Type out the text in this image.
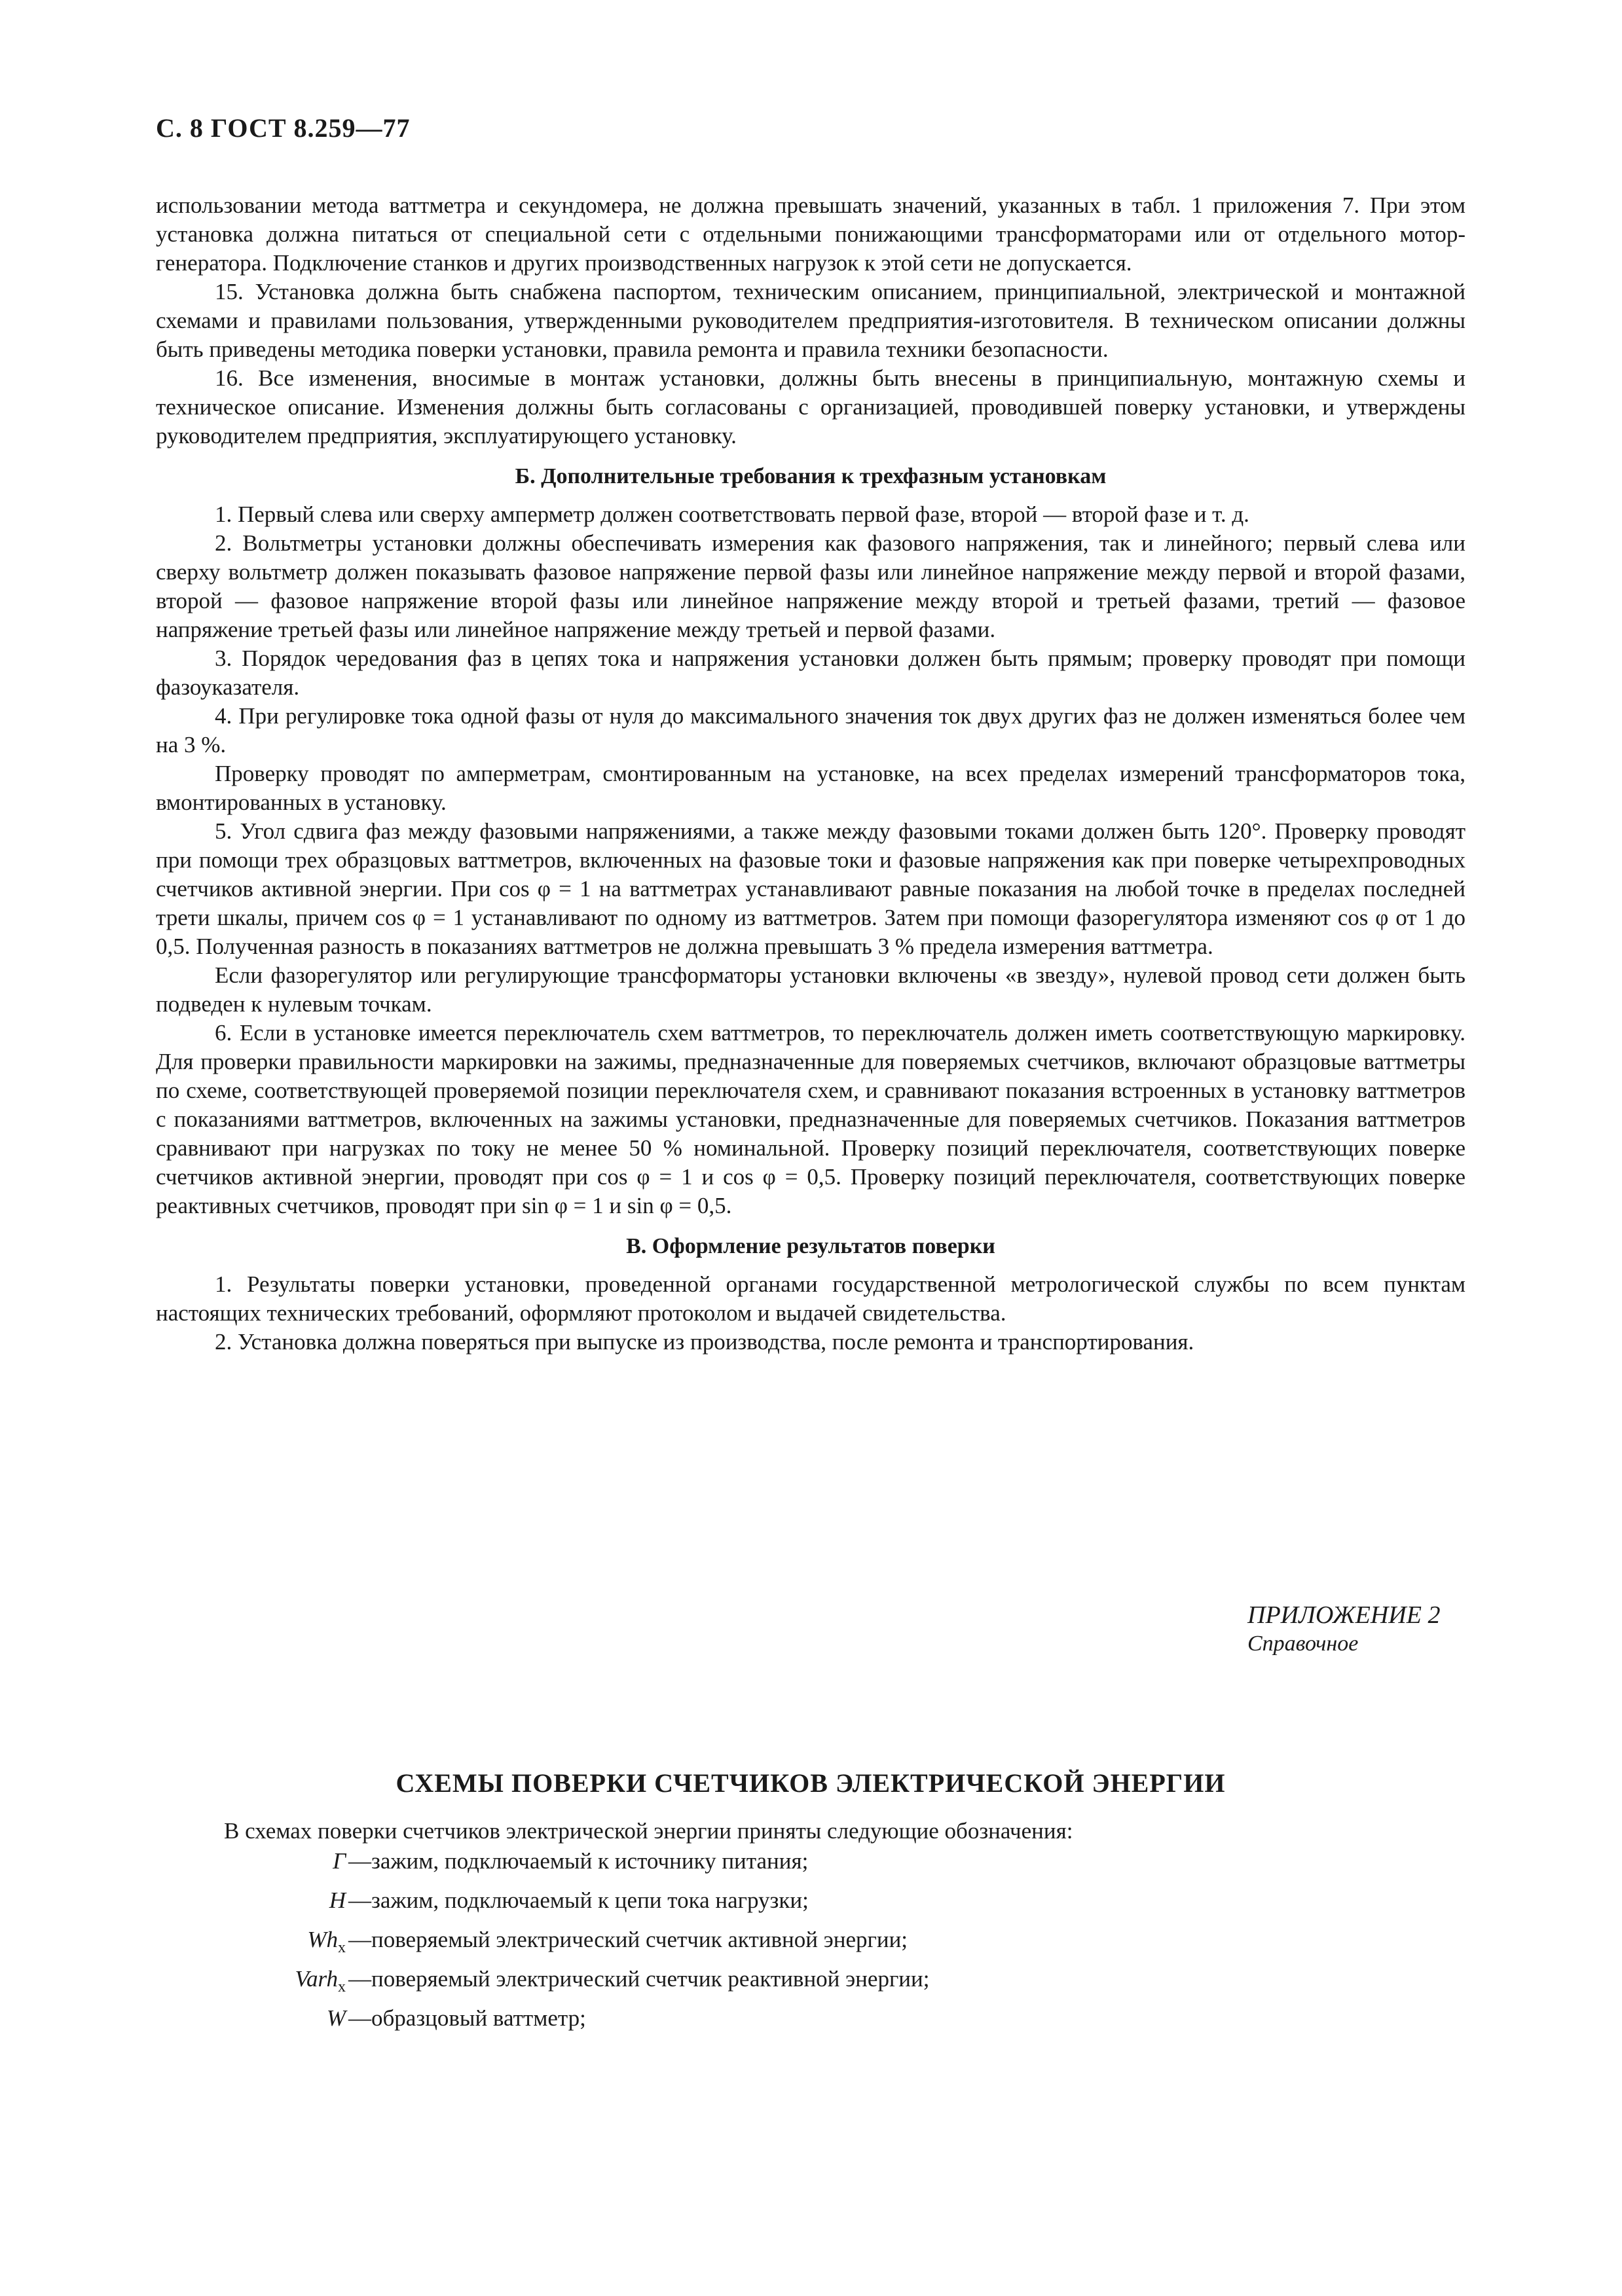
С. 8 ГОСТ 8.259—77

использовании метода ваттметра и секундомера, не должна превышать значений, указанных в табл. 1 приложения 7. При этом установка должна питаться от специальной сети с отдельными понижающими трансформаторами или от отдельного мотор-генератора. Подключение станков и других производственных нагрузок к этой сети не допускается.

15. Установка должна быть снабжена паспортом, техническим описанием, принципиальной, электрической и монтажной схемами и правилами пользования, утвержденными руководителем предприятия-изготовителя. В техническом описании должны быть приведены методика поверки установки, правила ремонта и правила техники безопасности.

16. Все изменения, вносимые в монтаж установки, должны быть внесены в принципиальную, монтажную схемы и техническое описание. Изменения должны быть согласованы с организацией, проводившей поверку установки, и утверждены руководителем предприятия, эксплуатирующего установку.

Б. Дополнительные требования к трехфазным установкам

1. Первый слева или сверху амперметр должен соответствовать первой фазе, второй — второй фазе и т. д.

2. Вольтметры установки должны обеспечивать измерения как фазового напряжения, так и линейного; первый слева или сверху вольтметр должен показывать фазовое напряжение первой фазы или линейное напряжение между первой и второй фазами, второй — фазовое напряжение второй фазы или линейное напряжение между второй и третьей фазами, третий — фазовое напряжение третьей фазы или линейное напряжение между третьей и первой фазами.

3. Порядок чередования фаз в цепях тока и напряжения установки должен быть прямым; проверку проводят при помощи фазоуказателя.

4. При регулировке тока одной фазы от нуля до максимального значения ток двух других фаз не должен изменяться более чем на 3 %.

Проверку проводят по амперметрам, смонтированным на установке, на всех пределах измерений трансформаторов тока, вмонтированных в установку.

5. Угол сдвига фаз между фазовыми напряжениями, а также между фазовыми токами должен быть 120°. Проверку проводят при помощи трех образцовых ваттметров, включенных на фазовые токи и фазовые напряжения как при поверке четырехпроводных счетчиков активной энергии. При cos φ = 1 на ваттметрах устанавливают равные показания на любой точке в пределах последней трети шкалы, причем cos φ = 1 устанавливают по одному из ваттметров. Затем при помощи фазорегулятора изменяют cos φ от 1 до 0,5. Полученная разность в показаниях ваттметров не должна превышать 3 % предела измерения ваттметра.

Если фазорегулятор или регулирующие трансформаторы установки включены «в звезду», нулевой провод сети должен быть подведен к нулевым точкам.

6. Если в установке имеется переключатель схем ваттметров, то переключатель должен иметь соответствующую маркировку. Для проверки правильности маркировки на зажимы, предназначенные для поверяемых счетчиков, включают образцовые ваттметры по схеме, соответствующей проверяемой позиции переключателя схем, и сравнивают показания встроенных в установку ваттметров с показаниями ваттметров, включенных на зажимы установки, предназначенные для поверяемых счетчиков. Показания ваттметров сравнивают при нагрузках по току не менее 50 % номинальной. Проверку позиций переключателя, соответствующих поверке счетчиков активной энергии, проводят при cos φ = 1 и cos φ = 0,5. Проверку позиций переключателя, соответствующих поверке реактивных счетчиков, проводят при sin φ = 1 и sin φ = 0,5.

В. Оформление результатов поверки

1. Результаты поверки установки, проведенной органами государственной метрологической службы по всем пунктам настоящих технических требований, оформляют протоколом и выдачей свидетельства.

2. Установка должна поверяться при выпуске из производства, после ремонта и транспортирования.

ПРИЛОЖЕНИЕ 2
Справочное
СХЕМЫ ПОВЕРКИ СЧЕТЧИКОВ ЭЛЕКТРИЧЕСКОЙ ЭНЕРГИИ
В схемах поверки счетчиков электрической энергии приняты следующие обозначения:
Г —зажим, подключаемый к источнику питания;
Н —зажим, подключаемый к цепи тока нагрузки;
$Wh_x$ —поверяемый электрический счетчик активной энергии;
Varh$_x$ —поверяемый электрический счетчик реактивной энергии;
W —образцовый ваттметр;
